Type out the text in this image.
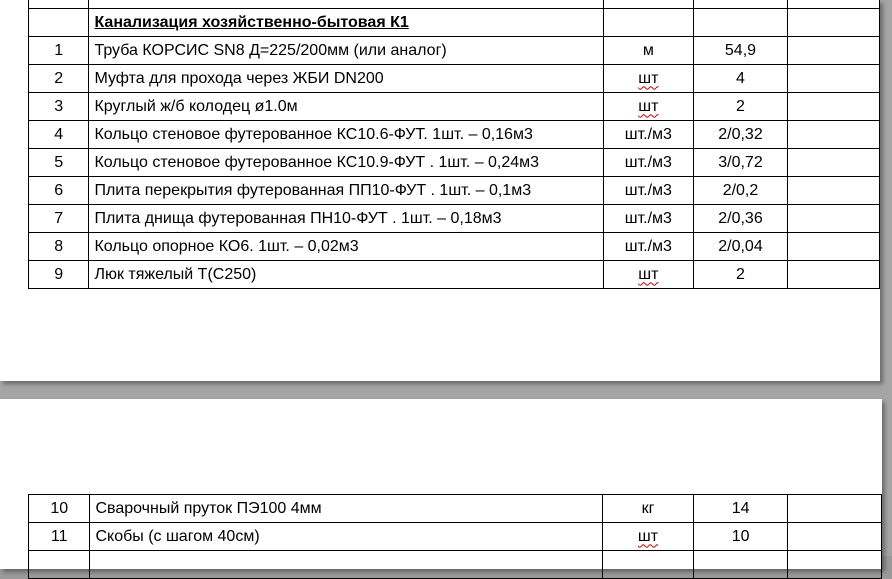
	Канализация хозяйственно-бытовая К1			
1	Труба КОРСИС SN8 Д=225/200мм (или аналог)	м	54,9	
2	Муфта для прохода через ЖБИ DN200	шт	4	
3	Круглый ж/б колодец ø1.0м	шт	2	
4	Кольцо стеновое футерованное КС10.6-ФУТ. 1шт. – 0,16м3	шт./м3	2/0,32	
5	Кольцо стеновое футерованное КС10.9-ФУТ . 1шт. – 0,24м3	шт./м3	3/0,72	
6	Плита перекрытия футерованная ПП10-ФУТ . 1шт. – 0,1м3	шт./м3	2/0,2	
7	Плита днища футерованная ПН10-ФУТ . 1шт. – 0,18м3	шт./м3	2/0,36	
8	Кольцо опорное КО6. 1шт. – 0,02м3	шт./м3	2/0,04	
9	Люк тяжелый Т(С250)	шт	2	
10	Сварочный пруток ПЭ100 4мм	кг	14	
11	Скобы (с шагом 40см)	шт	10	
